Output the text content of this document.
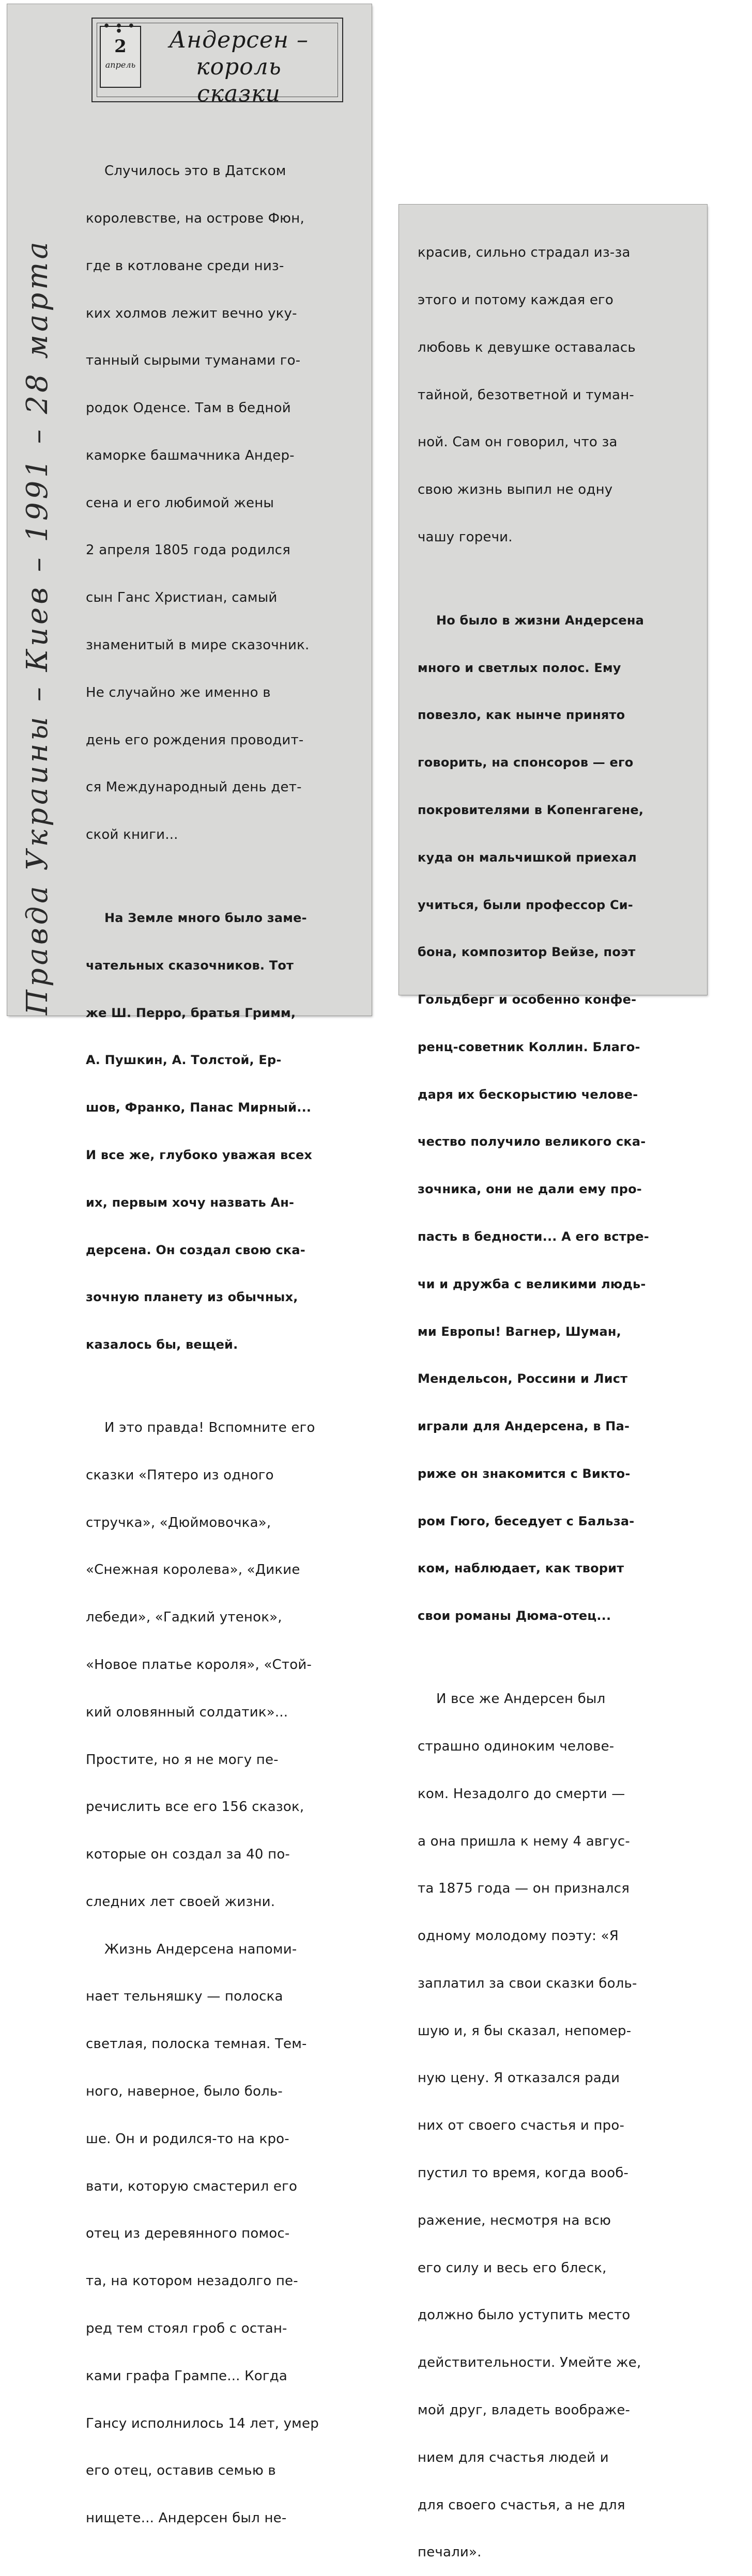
● ● ● ●
2
апрель
Андерсен –
король сказки
Правда Украины – Киев – 1991 – 28 марта

Случилось это в Датском

королевстве, на острове Фюн,

где в котловане среди низ-

ких холмов лежит вечно уку-

танный сырыми туманами го-

родок Оденсе. Там в бедной

каморке башмачника Андер-

сена и его любимой жены

2 апреля 1805 года родился

сын Ганс Христиан, самый

знаменитый в мире сказочник.

Не случайно же именно в

день его рождения проводит-

ся Международный день дет-

ской книги...

На Земле много было заме-

чательных сказочников. Тот

же Ш. Перро, братья Гримм,

А. Пушкин, А. Толстой, Ер-

шов, Франко, Панас Мирный...

И все же, глубоко уважая всех

их, первым хочу назвать Ан-

дерсена. Он создал свою ска-

зочную планету из обычных,

казалось бы, вещей.

И это правда! Вспомните его

сказки «Пятеро из одного

стручка», «Дюймовочка»,

«Снежная королева», «Дикие

лебеди», «Гадкий утенок»,

«Новое платье короля», «Стой-

кий оловянный солдатик»...

Простите, но я не могу пе-

речислить все его 156 сказок,

которые он создал за 40 по-

следних лет своей жизни.

Жизнь Андерсена напоми-

нает тельняшку — полоска

светлая, полоска темная. Тем-

ного, наверное, было боль-

ше. Он и родился-то на кро-

вати, которую смастерил его

отец из деревянного помос-

та, на котором незадолго пе-

ред тем стоял гроб с остан-

ками графа Грампе... Когда

Гансу исполнилось 14 лет, умер

его отец, оставив семью в

нищете... Андерсен был не-

красив, сильно страдал из-за

этого и потому каждая его

любовь к девушке оставалась

тайной, безответной и туман-

ной. Сам он говорил, что за

свою жизнь выпил не одну

чашу горечи.

Но было в жизни Андерсена

много и светлых полос. Ему

повезло, как нынче принято

говорить, на спонсоров — его

покровителями в Копенгагене,

куда он мальчишкой приехал

учиться, были профессор Си-

бона, композитор Вейзе, поэт

Гольдберг и особенно конфе-

ренц-советник Коллин. Благо-

даря их бескорыстию челове-

чество получило великого ска-

зочника, они не дали ему про-

пасть в бедности... А его встре-

чи и дружба с великими людь-

ми Европы! Вагнер, Шуман,

Мендельсон, Россини и Лист

играли для Андерсена, в Па-

риже он знакомится с Викто-

ром Гюго, беседует с Бальза-

ком, наблюдает, как творит

свои романы Дюма-отец...

И все же Андерсен был

страшно одиноким челове-

ком. Незадолго до смерти —

а она пришла к нему 4 авгус-

та 1875 года — он признался

одному молодому поэту: «Я

заплатил за свои сказки боль-

шую и, я бы сказал, непомер-

ную цену. Я отказался ради

них от своего счастья и про-

пустил то время, когда вооб-

ражение, несмотря на всю

его силу и весь его блеск,

должно было уступить место

действительности. Умейте же,

мой друг, владеть воображе-

нием для счастья людей и

для своего счастья, а не для

печали».
